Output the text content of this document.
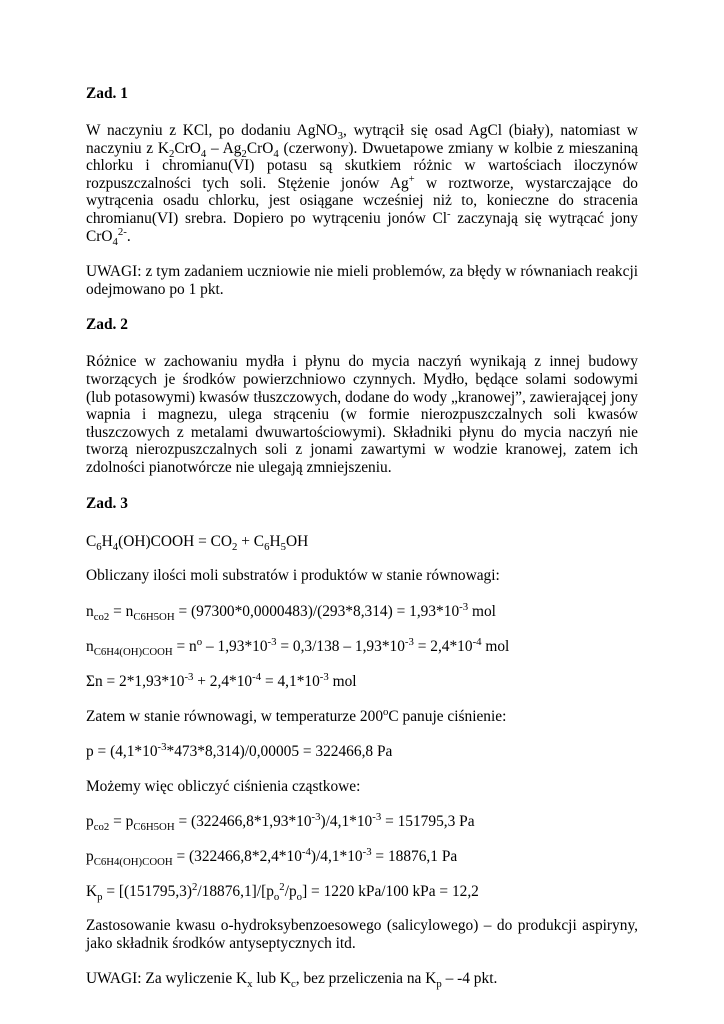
Zad. 1

W naczyniu z KCl, po dodaniu AgNO$_3$, wytrącił się osad AgCl (biały), natomiast w naczyniu z $K_2CrO_4 - Ag_2CrO_4$ (czerwony). Dwuetapowe zmiany w kolbie z mieszaniną chlorku i chromianu(VI) potasu są skutkiem różnic w wartościach iloczynów rozpuszczalności tych soli. Stężenie jonów Ag+ w roztworze, wystarczające do wytrącenia osadu chlorku, jest osiągane wcześniej niż to, konieczne do stracenia chromianu(VI) srebra. Dopiero po wytrąceniu jonów Cl- zaczynają się wytrącać jony CrO$_4^{2-}$.

UWAGI: z tym zadaniem uczniowie nie mieli problemów, za błędy w równaniach reakcji odejmowano po 1 pkt.

Zad. 2

Różnice w zachowaniu mydła i płynu do mycia naczyń wynikają z innej budowy tworzących je środków powierzchniowo czynnych. Mydło, będące solami sodowymi (lub potasowymi) kwasów tłuszczowych, dodane do wody „kranowej”, zawierającej jony wapnia i magnezu, ulega strąceniu (w formie nierozpuszczalnych soli kwasów tłuszczowych z metalami dwuwartościowymi). Składniki płynu do mycia naczyń nie tworzą nierozpuszczalnych soli z jonami zawartymi w wodzie kranowej, zatem ich zdolności pianotwórcze nie ulegają zmniejszeniu.

Zad. 3

$C_6H_4(OH)COOH = CO_2 + C_6H_5OH$

Obliczany ilości moli substratów i produktów w stanie równowagi:

$n_{co2} = n_{C6H5OH} = (97300*0,0000483)/(293*8,314) = 1,93*10^{-3}$ mol

$n_{C6H4(OH)COOH} = n^o - 1,93*10^{-3} = 0,3/138 - 1,93*10^{-3} = 2,4*10^{-4}$ mol

$\Sigma n = 2*1,93*10^{-3} + 2,4*10^{-4} = 4,1*10^{-3}$ mol

Zatem w stanie równowagi, w temperaturze 200$^o$C panuje ciśnienie:

$p = (4,1*10^{-3}*473*8,314)/0,00005 = 322466,8$ Pa

Możemy więc obliczyć ciśnienia cząstkowe:

$p_{co2} = p_{C6H5OH} = (322466,8*1,93*10^{-3})/4,1*10^{-3} = 151795,3$ Pa

$p_{C6H4(OH)COOH} = (322466,8*2,4*10^{-4})/4,1*10^{-3} = 18876,1$ Pa

$K_p = [(151795,3)^2/18876,1]/[p_o^2/p_o] = 1220$ kPa/100 kPa = 12,2

Zastosowanie kwasu o-hydroksybenzoesowego (salicylowego) – do produkcji aspiryny, jako składnik środków antyseptycznych itd.

UWAGI: Za wyliczenie $K_x$ lub $K_c$, bez przeliczenia na $K_p - -4$ pkt.
